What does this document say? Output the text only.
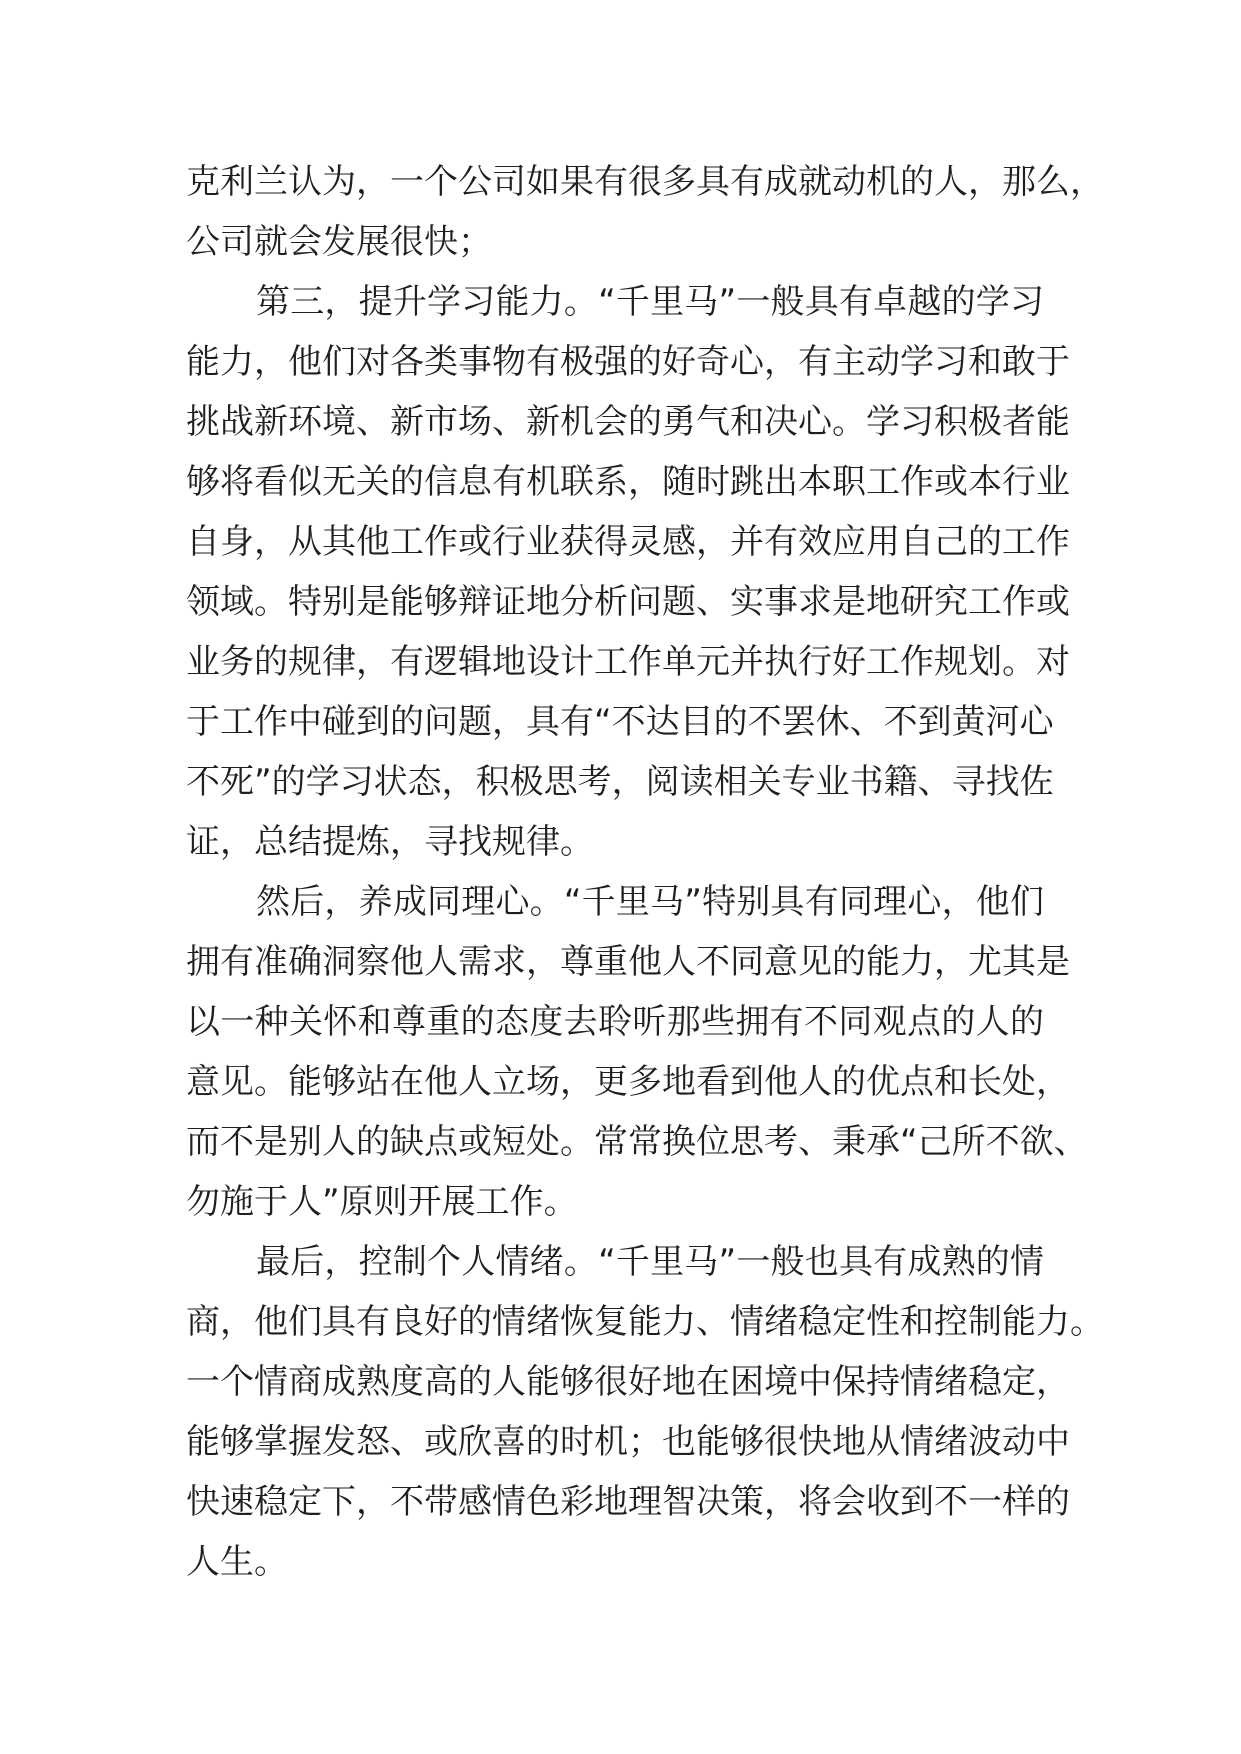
克利兰认为，一个公司如果有很多具有成就动机的人，那么，
公司就会发展很快；
第三，提升学习能力。“千里马”一般具有卓越的学习
能力，他们对各类事物有极强的好奇心，有主动学习和敢于
挑战新环境、新市场、新机会的勇气和决心。学习积极者能
够将看似无关的信息有机联系，随时跳出本职工作或本行业
自身，从其他工作或行业获得灵感，并有效应用自己的工作
领域。特别是能够辩证地分析问题、实事求是地研究工作或
业务的规律，有逻辑地设计工作单元并执行好工作规划。对
于工作中碰到的问题，具有“不达目的不罢休、不到黄河心
不死”的学习状态，积极思考，阅读相关专业书籍、寻找佐
证，总结提炼，寻找规律。
然后，养成同理心。“千里马”特别具有同理心，他们
拥有准确洞察他人需求，尊重他人不同意见的能力，尤其是
以一种关怀和尊重的态度去聆听那些拥有不同观点的人的
意见。能够站在他人立场，更多地看到他人的优点和长处，
而不是别人的缺点或短处。常常换位思考、秉承“己所不欲、
勿施于人”原则开展工作。
最后，控制个人情绪。“千里马”一般也具有成熟的情
商，他们具有良好的情绪恢复能力、情绪稳定性和控制能力。
一个情商成熟度高的人能够很好地在困境中保持情绪稳定，
能够掌握发怒、或欣喜的时机；也能够很快地从情绪波动中
快速稳定下，不带感情色彩地理智决策，将会收到不一样的
人生。
